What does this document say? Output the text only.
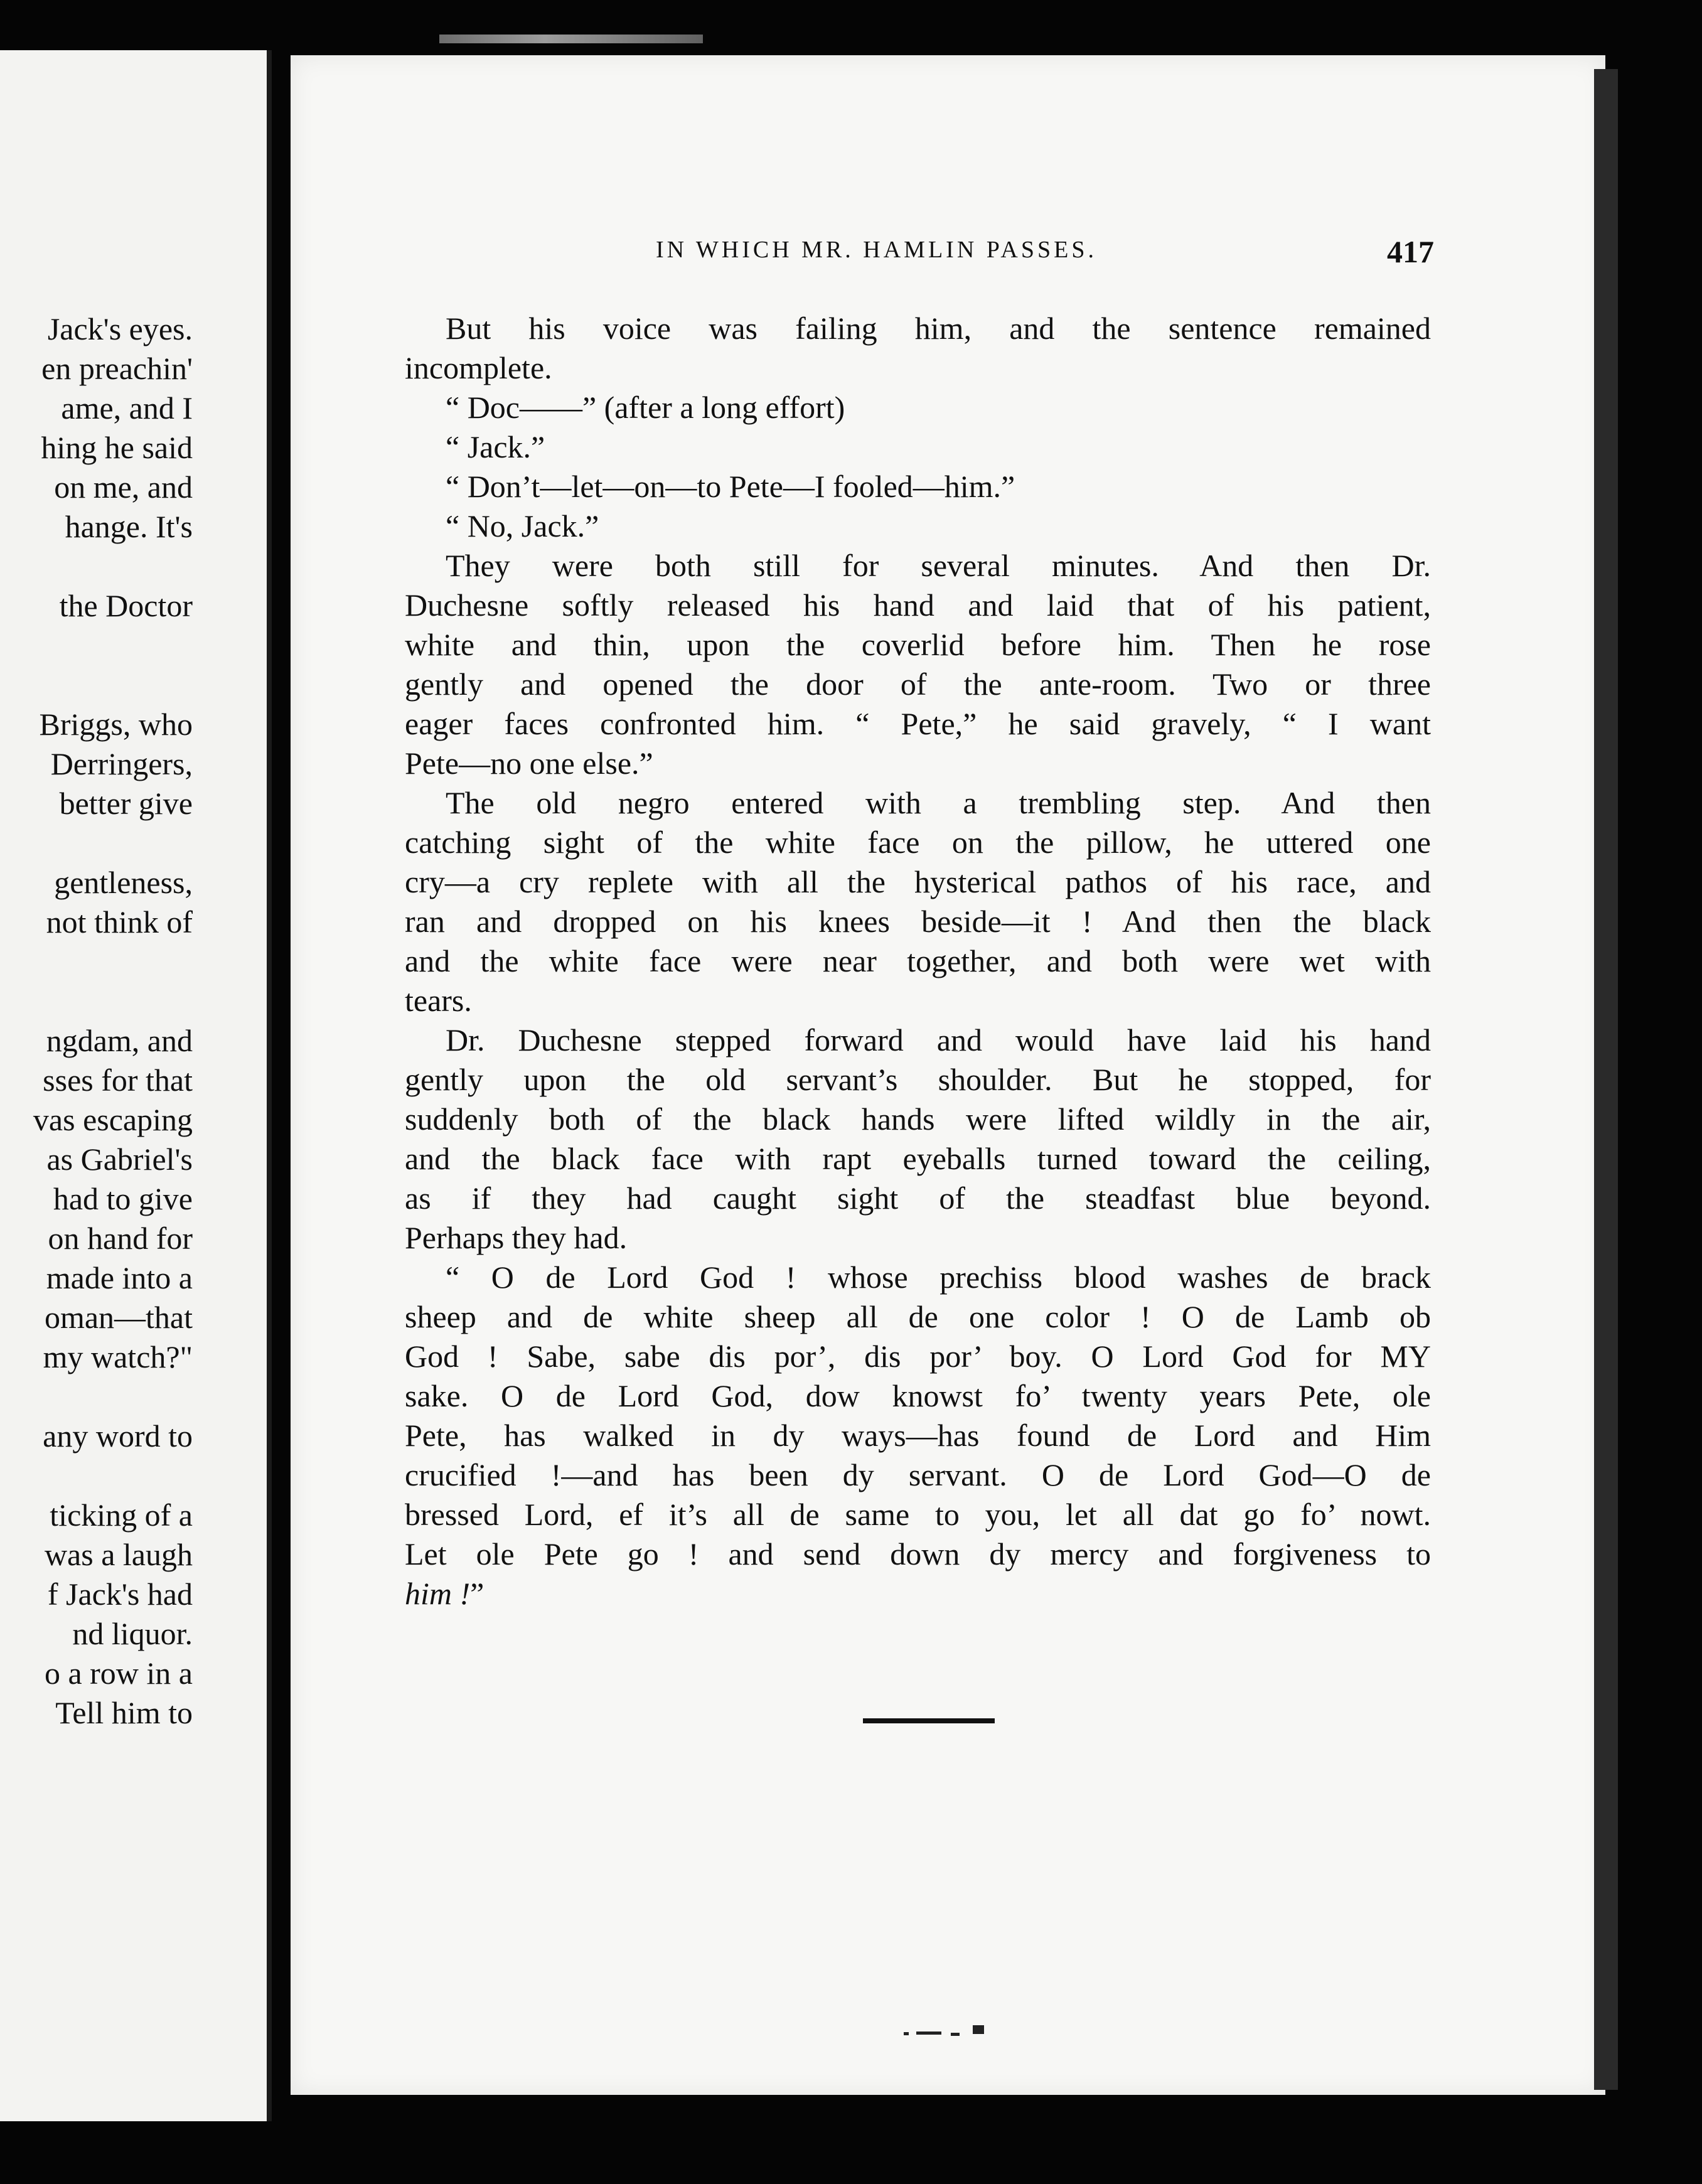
Jack's eyes.
en preachin'
ame, and I
hing he said
on me, and
hange. It's
the Doctor
Briggs, who
Derringers,
better give
gentleness,
not think of
ngdam, and
sses for that
vas escaping
as Gabriel's
had to give
on hand for
made into a
oman—that
my watch?"
any word to
ticking of a
was a laugh
f Jack's had
nd liquor.
o a row in a
Tell him to
IN WHICH MR. HAMLIN PASSES.	417
But his voice was failing him, and the sentence remained
incomplete.
“ Doc——” (after a long effort)
“ Jack.”
“ Don’t—let—on—to Pete—I fooled—him.”
“ No, Jack.”
They were both still for several minutes. And then Dr.
Duchesne softly released his hand and laid that of his patient,
white and thin, upon the coverlid before him. Then he rose
gently and opened the door of the ante-room. Two or three
eager faces confronted him. “ Pete,” he said gravely, “ I want
Pete—no one else.”
The old negro entered with a trembling step. And then
catching sight of the white face on the pillow, he uttered one
cry—a cry replete with all the hysterical pathos of his race, and
ran and dropped on his knees beside—it ! And then the black
and the white face were near together, and both were wet with
tears.
Dr. Duchesne stepped forward and would have laid his hand
gently upon the old servant’s shoulder. But he stopped, for
suddenly both of the black hands were lifted wildly in the air,
and the black face with rapt eyeballs turned toward the ceiling,
as if they had caught sight of the steadfast blue beyond.
Perhaps they had.
“ O de Lord God ! whose prechiss blood washes de brack
sheep and de white sheep all de one color ! O de Lamb ob
God ! Sabe, sabe dis por’, dis por’ boy. O Lord God for MY
sake. O de Lord God, dow knowst fo’ twenty years Pete, ole
Pete, has walked in dy ways—has found de Lord and Him
crucified !—and has been dy servant. O de Lord God—O de
bressed Lord, ef it’s all de same to you, let all dat go fo’ nowt.
Let ole Pete go ! and send down dy mercy and forgiveness to
him !”
